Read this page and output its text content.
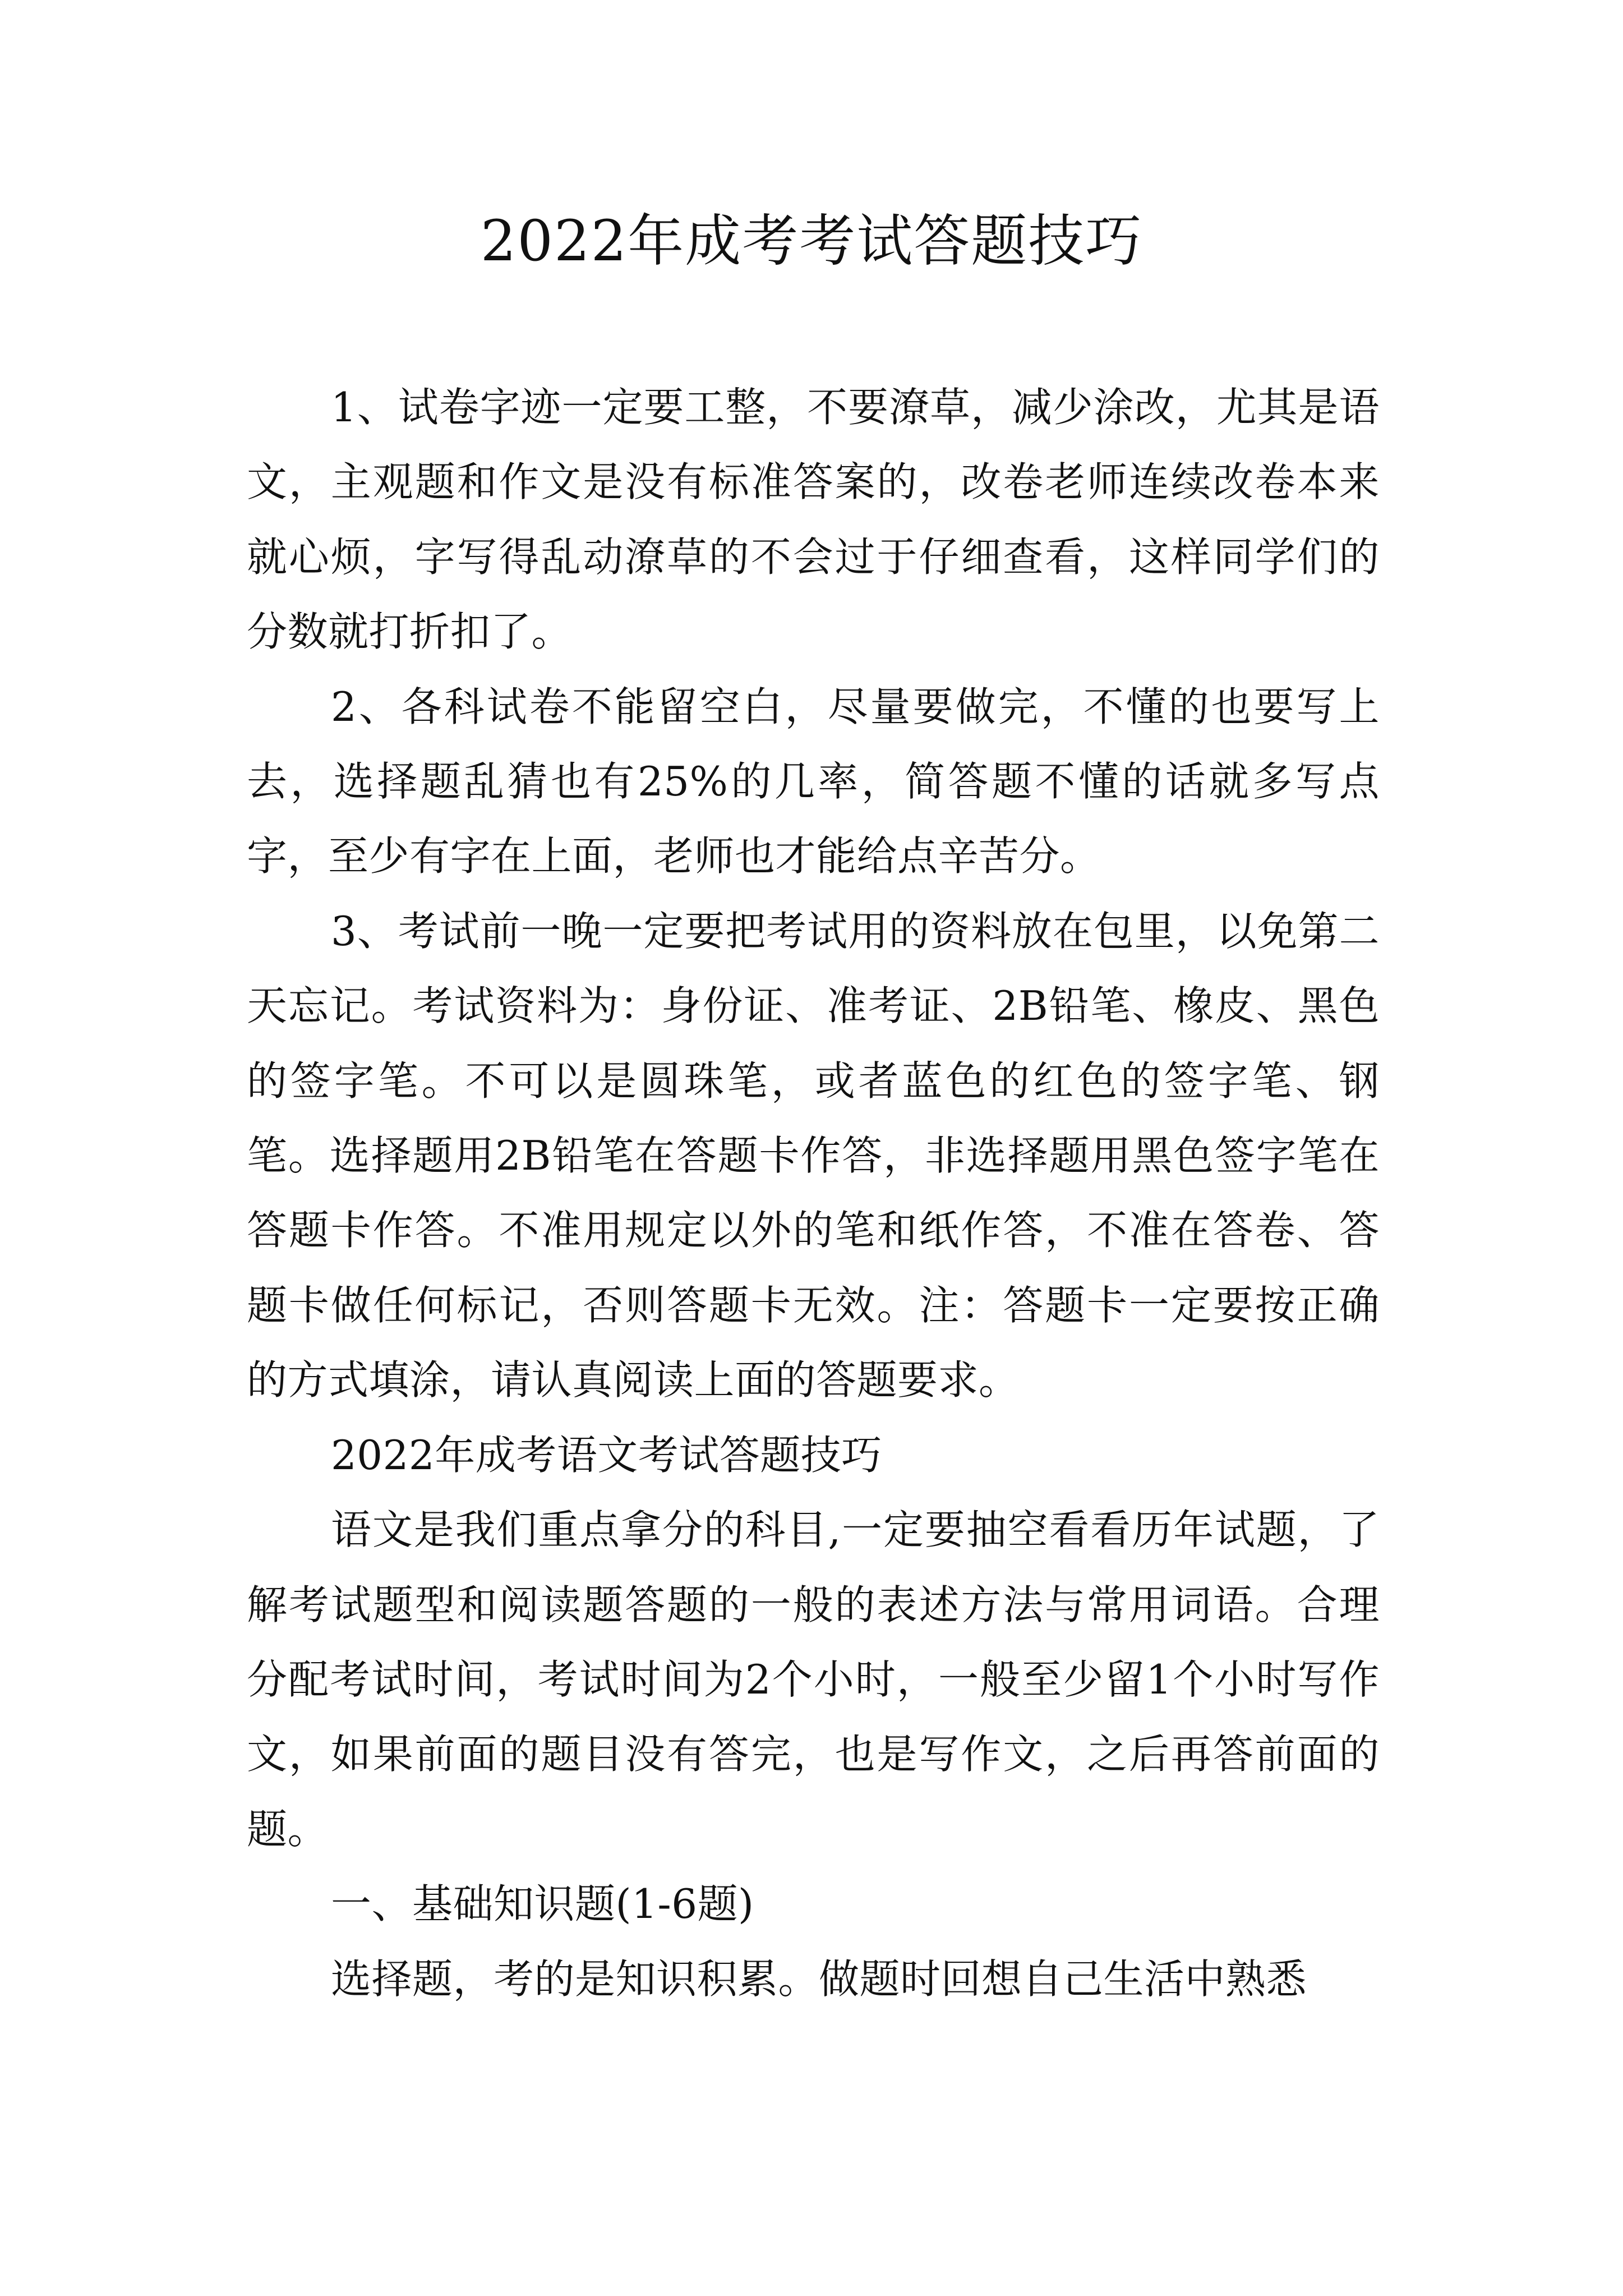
2022年成考考试答题技巧

1、试卷字迹一定要工整，不要潦草，减少涂改，尤其是语文，主观题和作文是没有标准答案的，改卷老师连续改卷本来就心烦，字写得乱动潦草的不会过于仔细查看，这样同学们的分数就打折扣了。

2、各科试卷不能留空白，尽量要做完，不懂的也要写上去，选择题乱猜也有25%的几率，简答题不懂的话就多写点字，至少有字在上面，老师也才能给点辛苦分。

3、考试前一晚一定要把考试用的资料放在包里，以免第二天忘记。考试资料为：身份证、准考证、2B铅笔、橡皮、黑色的签字笔。不可以是圆珠笔，或者蓝色的红色的签字笔、钢笔。选择题用2B铅笔在答题卡作答，非选择题用黑色签字笔在答题卡作答。不准用规定以外的笔和纸作答，不准在答卷、答题卡做任何标记，否则答题卡无效。注：答题卡一定要按正确的方式填涂，请认真阅读上面的答题要求。

2022年成考语文考试答题技巧

语文是我们重点拿分的科目,一定要抽空看看历年试题，了解考试题型和阅读题答题的一般的表述方法与常用词语。合理分配考试时间，考试时间为2个小时，一般至少留1个小时写作文，如果前面的题目没有答完，也是写作文，之后再答前面的题。

一、基础知识题(1-6题)

选择题，考的是知识积累。做题时回想自己生活中熟悉
